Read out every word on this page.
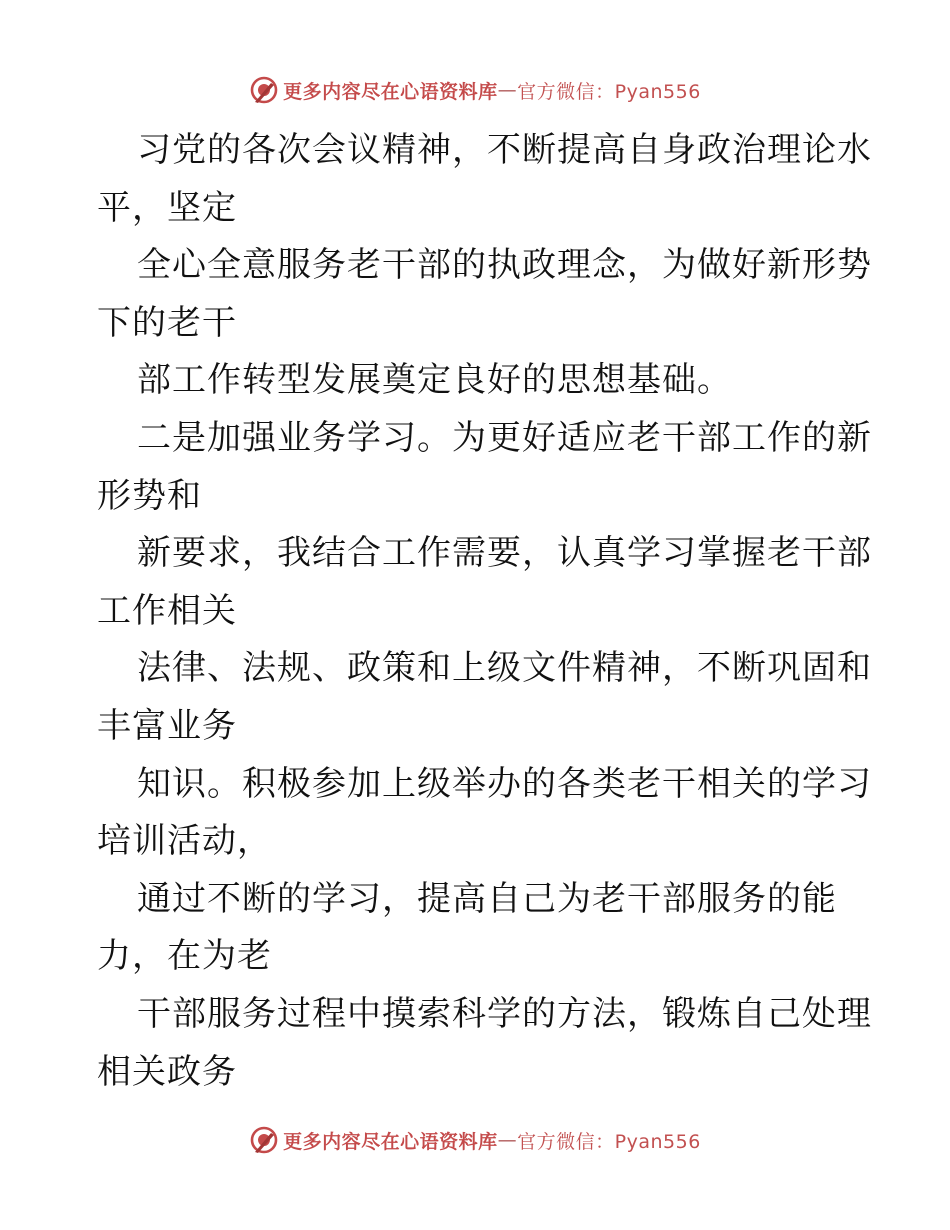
更多内容尽在心语资料库 — 官方微信：Pyan556
习党的各次会议精神，不断提高自身政治理论水
平，坚定
全心全意服务老干部的执政理念，为做好新形势
下的老干
部工作转型发展奠定良好的思想基础。
二是加强业务学习。为更好适应老干部工作的新
形势和
新要求，我结合工作需要，认真学习掌握老干部
工作相关
法律、法规、政策和上级文件精神，不断巩固和
丰富业务
知识。积极参加上级举办的各类老干相关的学习
培训活动，
通过不断的学习，提高自己为老干部服务的能
力，在为老
干部服务过程中摸索科学的方法，锻炼自己处理
相关政务
更多内容尽在心语资料库 — 官方微信：Pyan556
